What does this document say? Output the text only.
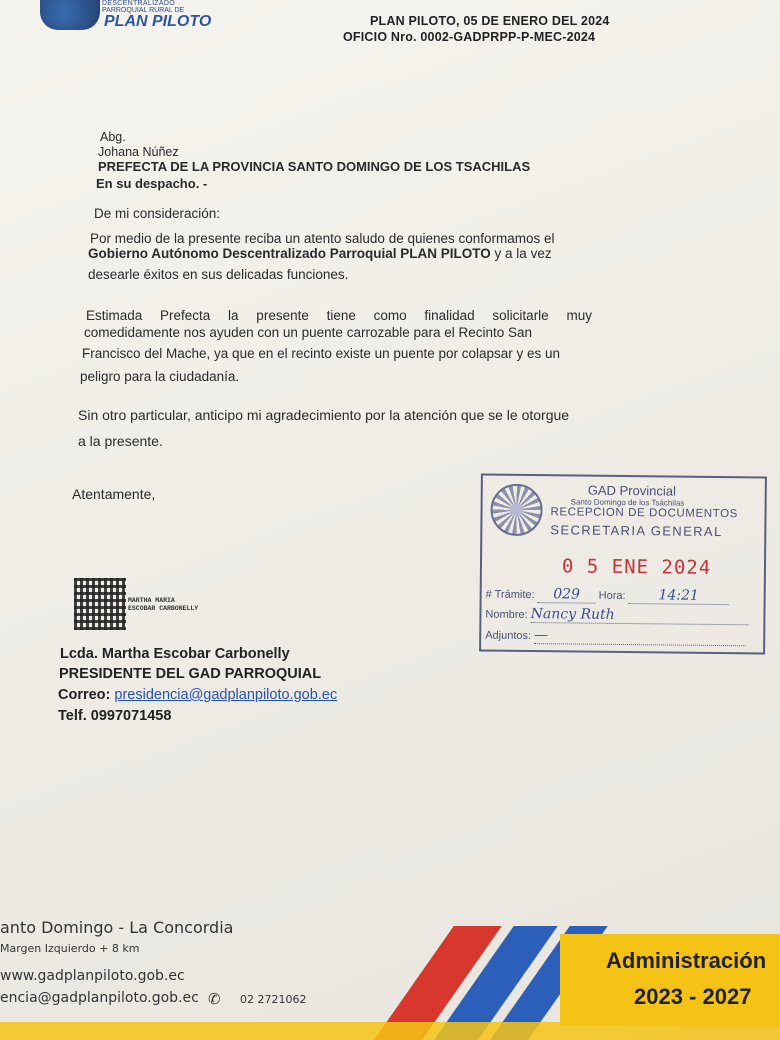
DESCENTRALIZADO
PARROQUIAL RURAL DE
PLAN PILOTO	PLAN PILOTO, 05 DE ENERO DEL 2024
OFICIO Nro. 0002-GADPRPP-P-MEC-2024
Abg.
Johana Núñez
PREFECTA DE LA PROVINCIA SANTO DOMINGO DE LOS TSACHILAS
En su despacho. -
De mi consideración:
Por medio de la presente reciba un atento saludo de quienes conformamos el
Gobierno Autónomo Descentralizado Parroquial PLAN PILOTO y a la vez
desearle éxitos en sus delicadas funciones.
Estimada Prefecta la presente tiene como finalidad solicitarle muy
comedidamente nos ayuden con un puente carrozable para el Recinto San
Francisco del Mache, ya que en el recinto existe un puente por colapsar y es un
peligro para la ciudadanía.
Sin otro particular, anticipo mi agradecimiento por la atención que se le otorgue
a la presente.
Atentamente,
MARTHA MARIA
ESCOBAR CARBONELLY
Lcda. Martha Escobar Carbonelly
PRESIDENTE DEL GAD PARROQUIAL
Correo: presidencia@gadplanpiloto.gob.ec
Telf. 0997071458
GAD Provincial
Santo Domingo de los Tsáchilas
RECEPCION DE DOCUMENTOS
SECRETARIA GENERAL
0 5 ENE 2024
# Trámite: 029 Hora: 14:21
Nombre: Nancy Ruth
Adjuntos: —
anto Domingo - La Concordia
Margen Izquierdo + 8 km
www.gadplanpiloto.gob.ec
encia@gadplanpiloto.gob.ec ✆	02 2721062
Administración
2023 - 2027
